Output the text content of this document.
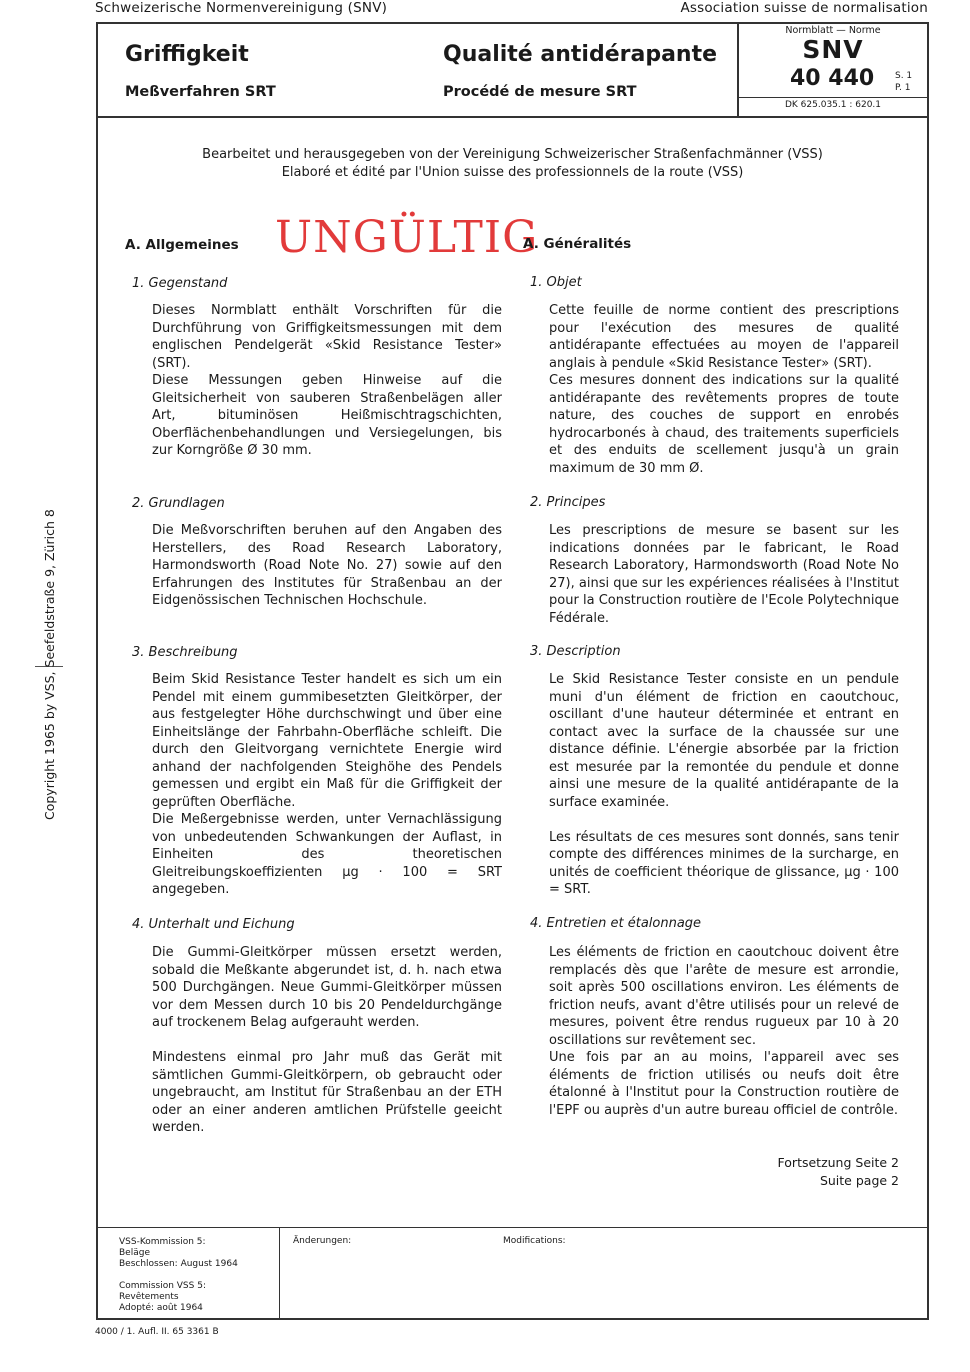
Schweizerische Normenvereinigung (SNV)	Association suisse de normalisation
Griffigkeit
Meßverfahren SRT
Qualité antidérapante
Procédé de mesure SRT
Normblatt — Norme
SNV
40 440 S. 1
P. 1
DK 625.035.1 : 620.1
Bearbeitet und herausgegeben von der Vereinigung Schweizerischer Straßenfachmänner (VSS)
Elaboré et édité par l'Union suisse des professionnels de la route (VSS)
A. Allgemeines UNGÜLTIG
A. Généralités
1. Gegenstand	1. Objet
Dieses Normblatt enthält Vorschriften für die Durchführung von Griffigkeitsmessungen mit dem englischen Pendelgerät «Skid Resistance Tester» (SRT).
Diese Messungen geben Hinweise auf die Gleitsicherheit von sauberen Straßenbelägen aller Art, bituminösen Heißmischtragschichten, Oberflächenbehandlungen und Versiegelungen, bis zur Korngröße Ø 30 mm.
Cette feuille de norme contient des prescriptions pour l'exécution des mesures de qualité antidérapante effectuées au moyen de l'appareil anglais à pendule «Skid Resistance Tester» (SRT).
Ces mesures donnent des indications sur la qualité antidérapante des revêtements propres de toute nature, des couches de support en enrobés hydrocarbonés à chaud, des traitements superficiels et des enduits de scellement jusqu'à un grain maximum de 30 mm Ø.
2. Grundlagen	2. Principes
Die Meßvorschriften beruhen auf den Angaben des Herstellers, des Road Research Laboratory, Harmondsworth (Road Note No. 27) sowie auf den Erfahrungen des Institutes für Straßenbau an der Eidgenössischen Technischen Hochschule.
Les prescriptions de mesure se basent sur les indications données par le fabricant, le Road Research Laboratory, Harmondsworth (Road Note No 27), ainsi que sur les expériences réalisées à l'Institut pour la Construction routière de l'Ecole Polytechnique Fédérale.
3. Beschreibung	3. Description
Beim Skid Resistance Tester handelt es sich um ein Pendel mit einem gummibesetzten Gleitkörper, der aus festgelegter Höhe durchschwingt und über eine Einheitslänge der Fahrbahn-Oberfläche schleift. Die durch den Gleitvorgang vernichtete Energie wird anhand der nachfolgenden Steighöhe des Pendels gemessen und ergibt ein Maß für die Griffigkeit der geprüften Oberfläche.
Die Meßergebnisse werden, unter Vernachlässigung von unbedeutenden Schwankungen der Auflast, in Einheiten des theoretischen Gleitreibungskoeffizienten μg · 100 = SRT angegeben.
Le Skid Resistance Tester consiste en un pendule muni d'un élément de friction en caoutchouc, oscillant d'une hauteur déterminée et entrant en contact avec la surface de la chaussée sur une distance définie. L'énergie absorbée par la friction est mesurée par la remontée du pendule et donne ainsi une mesure de la qualité antidérapante de la surface examinée.

Les résultats de ces mesures sont donnés, sans tenir compte des différences minimes de la surcharge, en unités de coefficient théorique de glissance, μg · 100 = SRT.
4. Unterhalt und Eichung	4. Entretien et étalonnage
Die Gummi-Gleitkörper müssen ersetzt werden, sobald die Meßkante abgerundet ist, d. h. nach etwa 500 Durchgängen. Neue Gummi-Gleitkörper müssen vor dem Messen durch 10 bis 20 Pendeldurchgänge auf trockenem Belag aufgerauht werden.

Mindestens einmal pro Jahr muß das Gerät mit sämtlichen Gummi-Gleitkörpern, ob gebraucht oder ungebraucht, am Institut für Straßenbau an der ETH oder an einer anderen amtlichen Prüfstelle geeicht werden.
Les éléments de friction en caoutchouc doivent être remplacés dès que l'arête de mesure est arrondie, soit après 500 oscillations environ. Les éléments de friction neufs, avant d'être utilisés pour un relevé de mesures, poivent être rendus rugueux par 10 à 20 oscillations sur revêtement sec.
Une fois par an au moins, l'appareil avec ses éléments de friction utilisés ou neufs doit être étalonné à l'Institut pour la Construction routière de l'EPF ou auprès d'un autre bureau officiel de contrôle.
Fortsetzung Seite 2
Suite page 2
VSS-Kommission 5:
Beläge
Beschlossen: August 1964

Commission VSS 5:
Revêtements
Adopté: août 1964
Änderungen:	Modifications:
4000 / 1. Aufl. II. 65 3361 B
Copyright 1965 by VSS, Seefeldstraße 9, Zürich 8
